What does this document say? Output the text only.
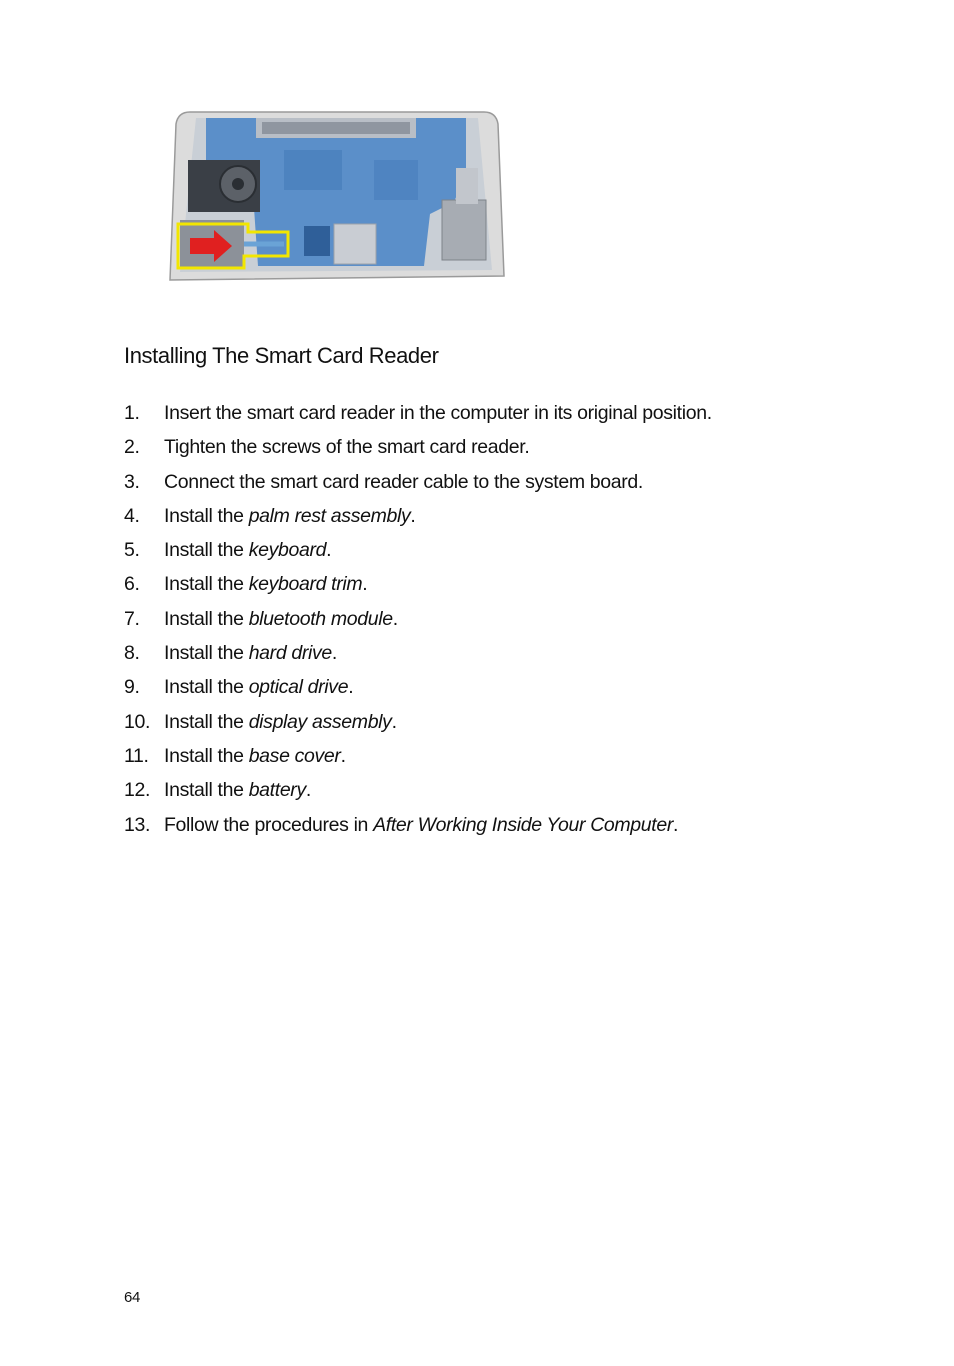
Installing The Smart Card Reader
1. Insert the smart card reader in the computer in its original position.
2. Tighten the screws of the smart card reader.
3. Connect the smart card reader cable to the system board.
4. Install the palm rest assembly.
5. Install the keyboard.
6. Install the keyboard trim.
7. Install the bluetooth module.
8. Install the hard drive.
9. Install the optical drive.
10. Install the display assembly.
11. Install the base cover.
12. Install the battery.
13. Follow the procedures in After Working Inside Your Computer.
64
